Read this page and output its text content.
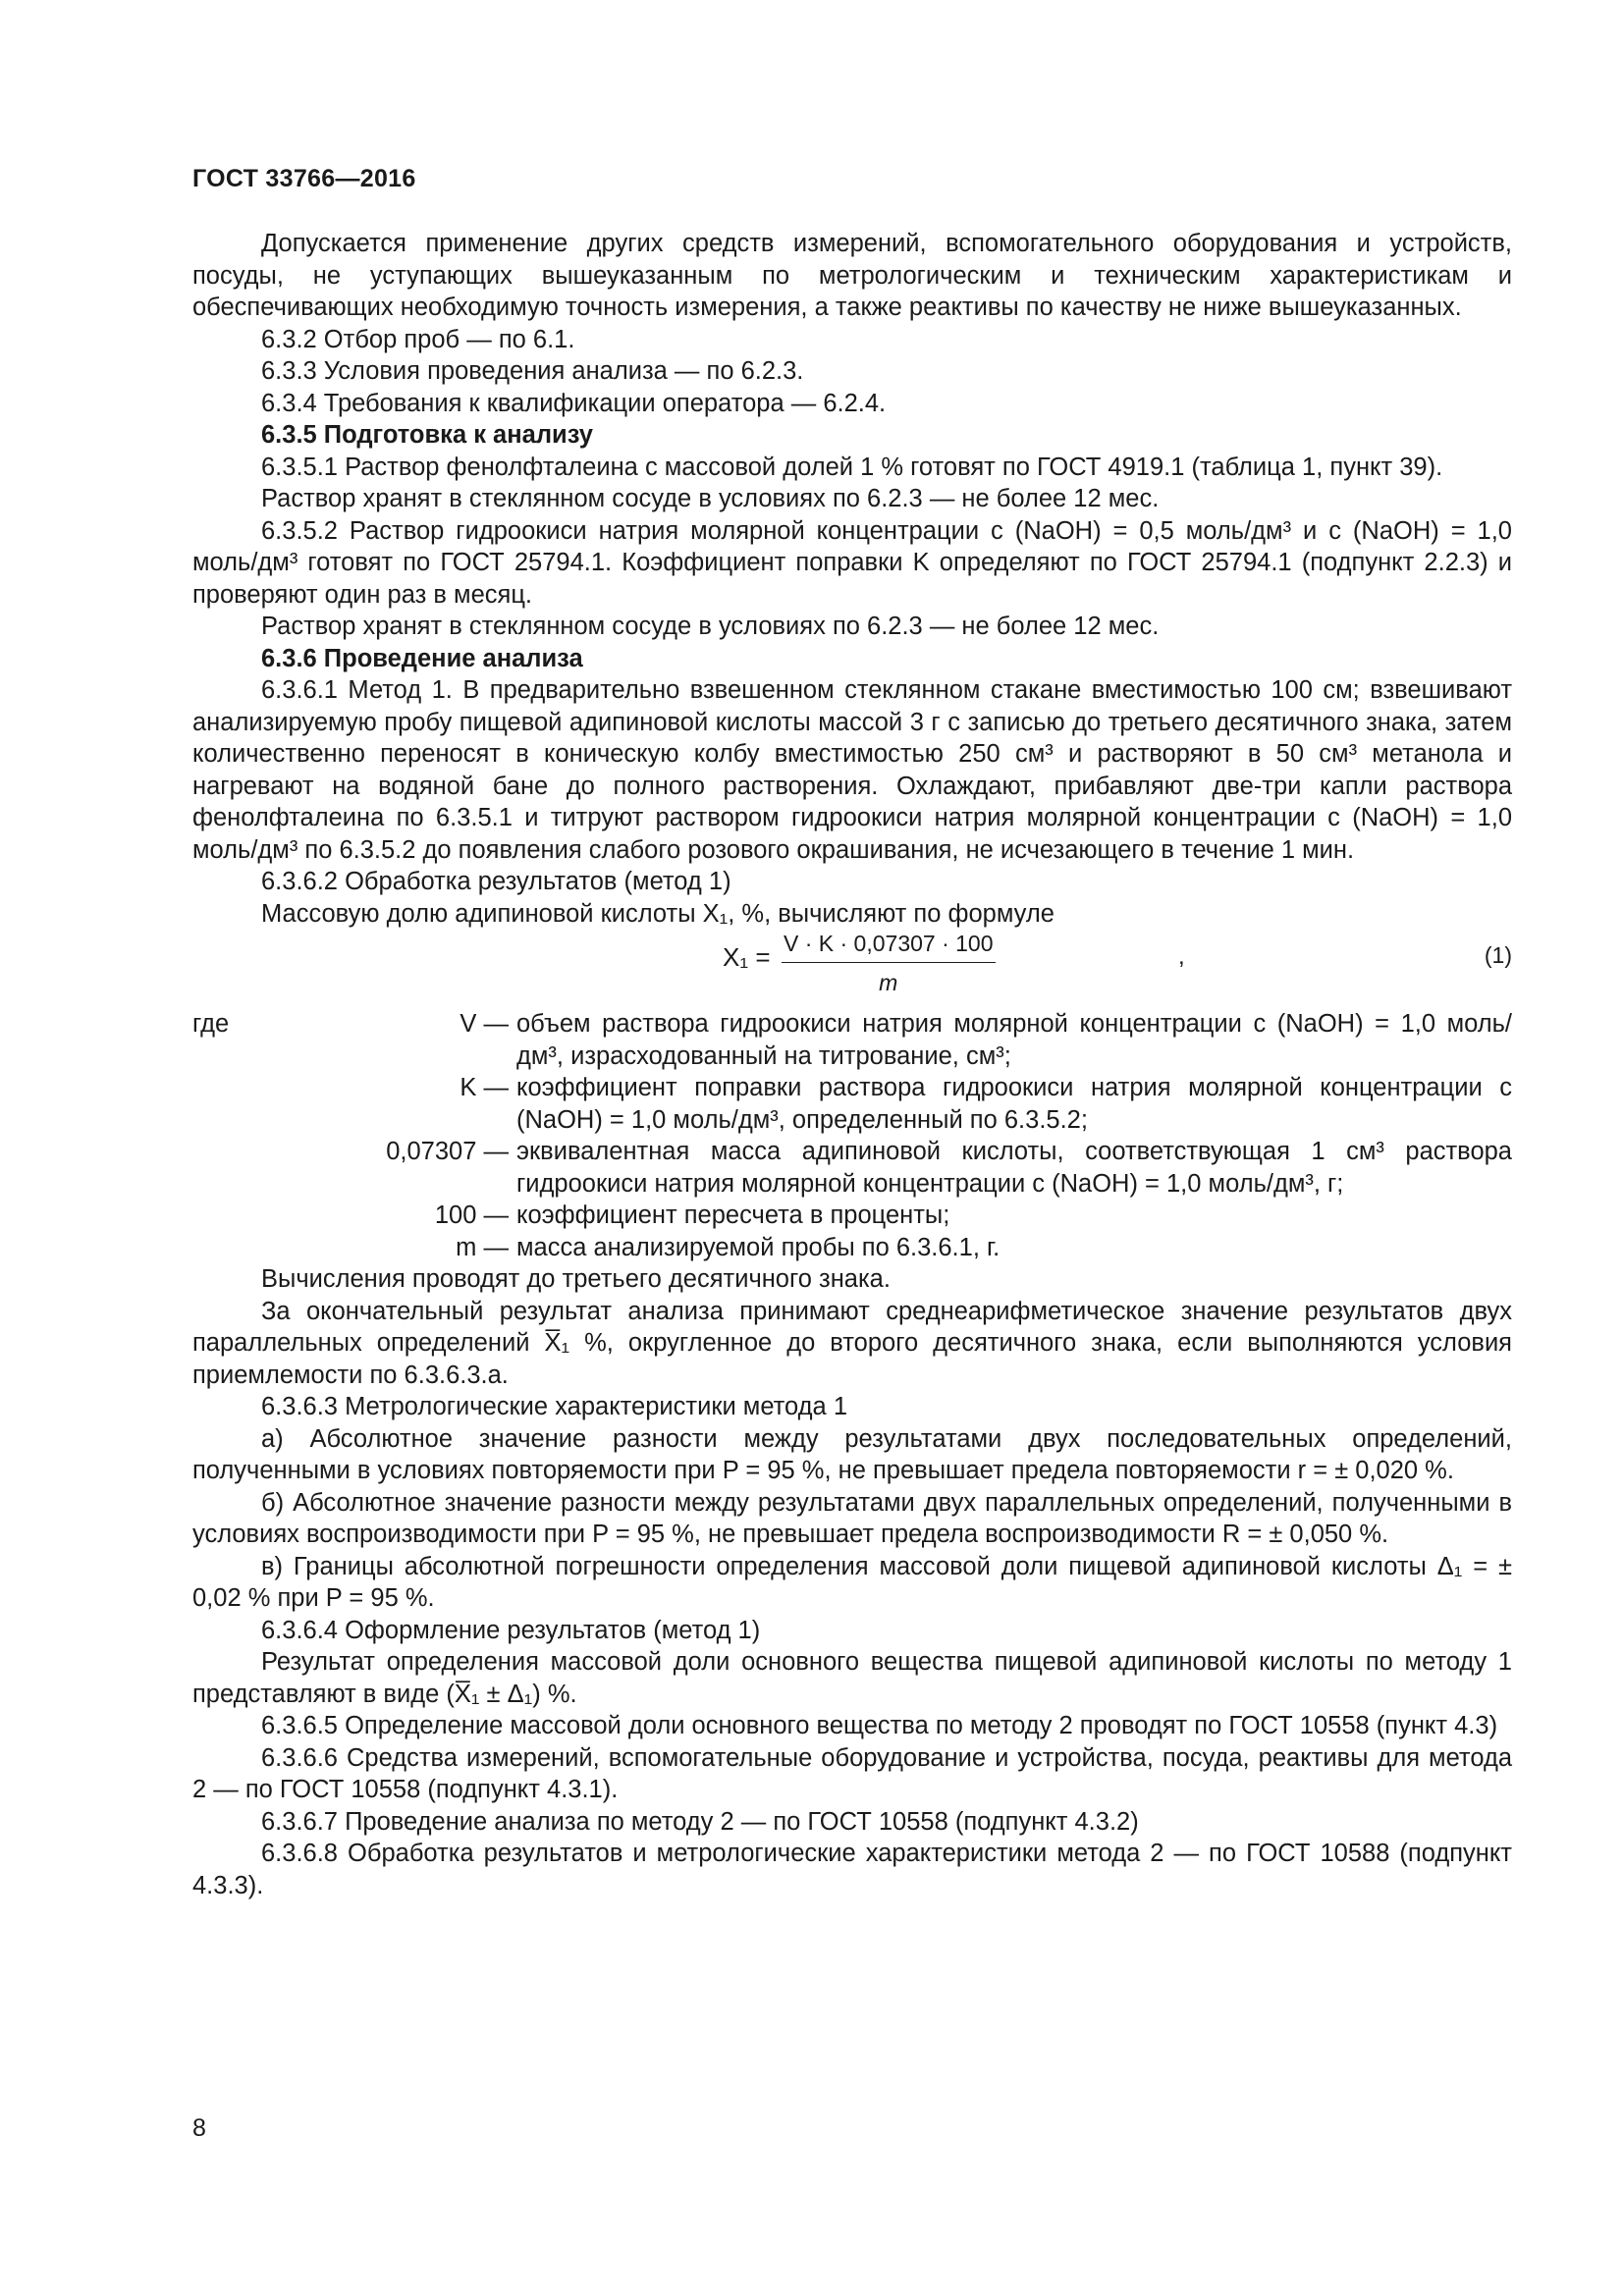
ГОСТ 33766—2016

Допускается применение других средств измерений, вспомогательного оборудования и устройств, посуды, не уступающих вышеуказанным по метрологическим и техническим характеристикам и обеспечивающих необходимую точность измерения, а также реактивы по качеству не ниже вышеуказанных.

6.3.2 Отбор проб — по 6.1.

6.3.3 Условия проведения анализа — по 6.2.3.

6.3.4 Требования к квалификации оператора — 6.2.4.

6.3.5 Подготовка к анализу

6.3.5.1 Раствор фенолфталеина с массовой долей 1 % готовят по ГОСТ 4919.1 (таблица 1, пункт 39).

Раствор хранят в стеклянном сосуде в условиях по 6.2.3 — не более 12 мес.

6.3.5.2 Раствор гидроокиси натрия молярной концентрации c (NaOH) = 0,5 моль/дм³ и c (NaOH) = 1,0 моль/дм³ готовят по ГОСТ 25794.1. Коэффициент поправки K определяют по ГОСТ 25794.1 (подпункт 2.2.3) и проверяют один раз в месяц.

Раствор хранят в стеклянном сосуде в условиях по 6.2.3 — не более 12 мес.

6.3.6 Проведение анализа

6.3.6.1 Метод 1. В предварительно взвешенном стеклянном стакане вместимостью 100 см; взвешивают анализируемую пробу пищевой адипиновой кислоты массой 3 г с записью до третьего десятичного знака, затем количественно переносят в коническую колбу вместимостью 250 см³ и растворяют в 50 см³ метанола и нагревают на водяной бане до полного растворения. Охлаждают, прибавляют две-три капли раствора фенолфталеина по 6.3.5.1 и титруют раствором гидроокиси натрия молярной концентрации c (NaOH) = 1,0 моль/дм³ по 6.3.5.2 до появления слабого розового окрашивания, не исчезающего в течение 1 мин.

6.3.6.2 Обработка результатов (метод 1)

Массовую долю адипиновой кислоты X₁, %, вычисляют по формуле

$X_1 = \frac{V \cdot K \cdot 0,07307 \cdot 100}{m}$	,	(1)
где	V — объем раствора гидроокиси натрия молярной концентрации c (NaOH) = 1,0 моль/дм³, израсходованный на титрование, см³;
K — коэффициент поправки раствора гидроокиси натрия молярной концентрации c (NaOH) = 1,0 моль/дм³, определенный по 6.3.5.2;
0,07307 — эквивалентная масса адипиновой кислоты, соответствующая 1 см³ раствора гидроокиси натрия молярной концентрации c (NaOH) = 1,0 моль/дм³, г;
100 — коэффициент пересчета в проценты;
m — масса анализируемой пробы по 6.3.6.1, г.

Вычисления проводят до третьего десятичного знака.

За окончательный результат анализа принимают среднеарифметическое значение результатов двух параллельных определений X̅₁ %, округленное до второго десятичного знака, если выполняются условия приемлемости по 6.3.6.3.а.

6.3.6.3 Метрологические характеристики метода 1

а) Абсолютное значение разности между результатами двух последовательных определений, полученными в условиях повторяемости при P = 95 %, не превышает предела повторяемости r = ± 0,020 %.

б) Абсолютное значение разности между результатами двух параллельных определений, полученными в условиях воспроизводимости при P = 95 %, не превышает предела воспроизводимости R = ± 0,050 %.

в) Границы абсолютной погрешности определения массовой доли пищевой адипиновой кислоты Δ₁ = ± 0,02 % при P = 95 %.

6.3.6.4 Оформление результатов (метод 1)

Результат определения массовой доли основного вещества пищевой адипиновой кислоты по методу 1 представляют в виде (X̅₁ ± Δ₁) %.

6.3.6.5 Определение массовой доли основного вещества по методу 2 проводят по ГОСТ 10558 (пункт 4.3)

6.3.6.6 Средства измерений, вспомогательные оборудование и устройства, посуда, реактивы для метода 2 — по ГОСТ 10558 (подпункт 4.3.1).

6.3.6.7 Проведение анализа по методу 2 — по ГОСТ 10558 (подпункт 4.3.2)

6.3.6.8 Обработка результатов и метрологические характеристики метода 2 — по ГОСТ 10588 (подпункт 4.3.3).

8
